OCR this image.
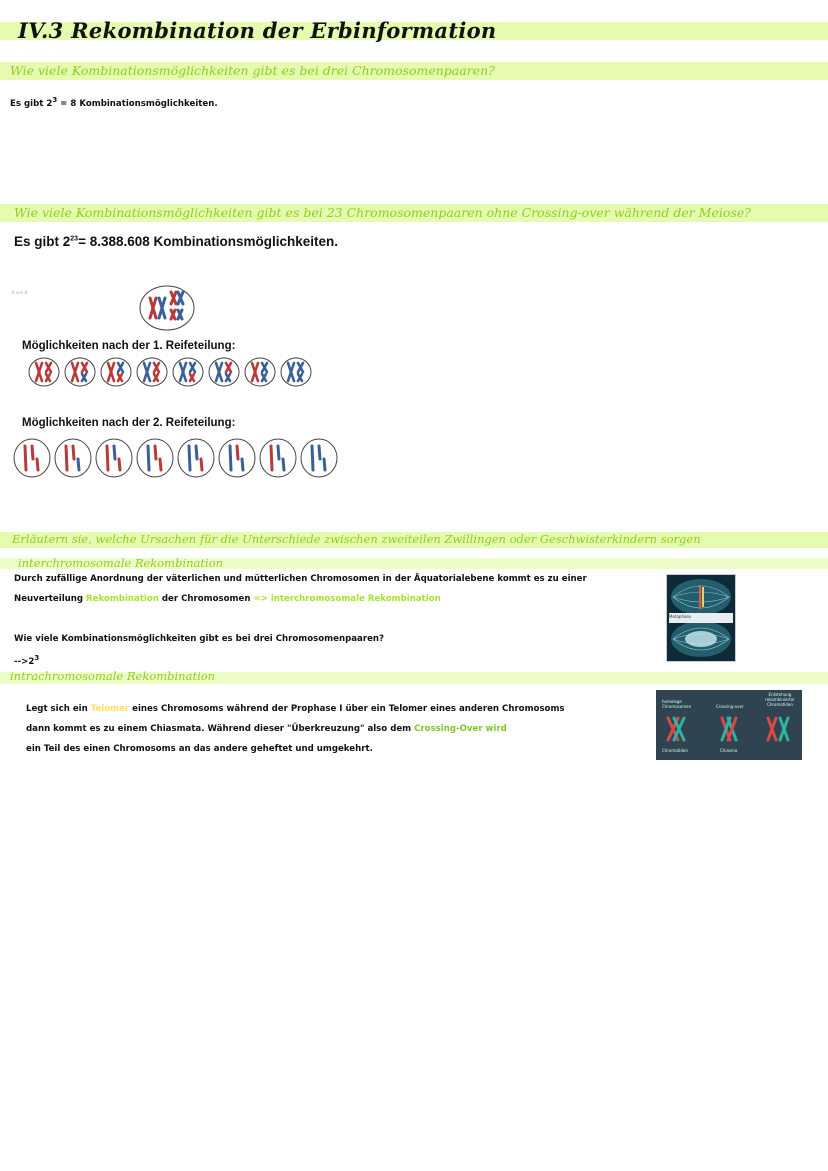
IV.3 Rekombination der Erbinformation
Wie viele Kombinationsmöglichkeiten gibt es bei drei Chromosomenpaaren?
Es gibt $2^3 = 8$ Kombinationsmöglichkeiten.
Wie viele Kombinationsmöglichkeiten gibt es bei 23 Chromosomenpaaren ohne Crossing-over während der Meiose?
Es gibt $2^{23}= 8.388.608$ Kombinationsmöglichkeiten.
8 von 8
Möglichkeiten nach der 1. Reifeteilung:
Möglichkeiten nach der 2. Reifeteilung:
Erläutern sie, welche Ursachen für die Unterschiede zwischen zweiteilen Zwillingen oder Geschwisterkindern sorgen
interchromosomale Rekombination
Durch zufällige Anordnung der väterlichen und mütterlichen Chromosomen in der Äquatorialebene kommt es zu einer
Neuverteilung Rekombination der Chromosomen => interchromosomale Rekombination
Wie viele Kombinationsmöglichkeiten gibt es bei drei Chromosomenpaaren?
$-->2^3$
Metaphase
intrachromosomale Rekombination
Legt sich ein Telomer eines Chromosoms während der Prophase I über ein Telomer eines anderen Chromosoms
dann kommt es zu einem Chiasmata. Während dieser "Überkreuzung" also dem Crossing-Over wird
ein Teil des einen Chromosoms an das andere geheftet und umgekehrt.
homologe Chromosomen	Crossing-over
Entstehung rekombinierter Chromatiden
Chromatiden	Chiasma
